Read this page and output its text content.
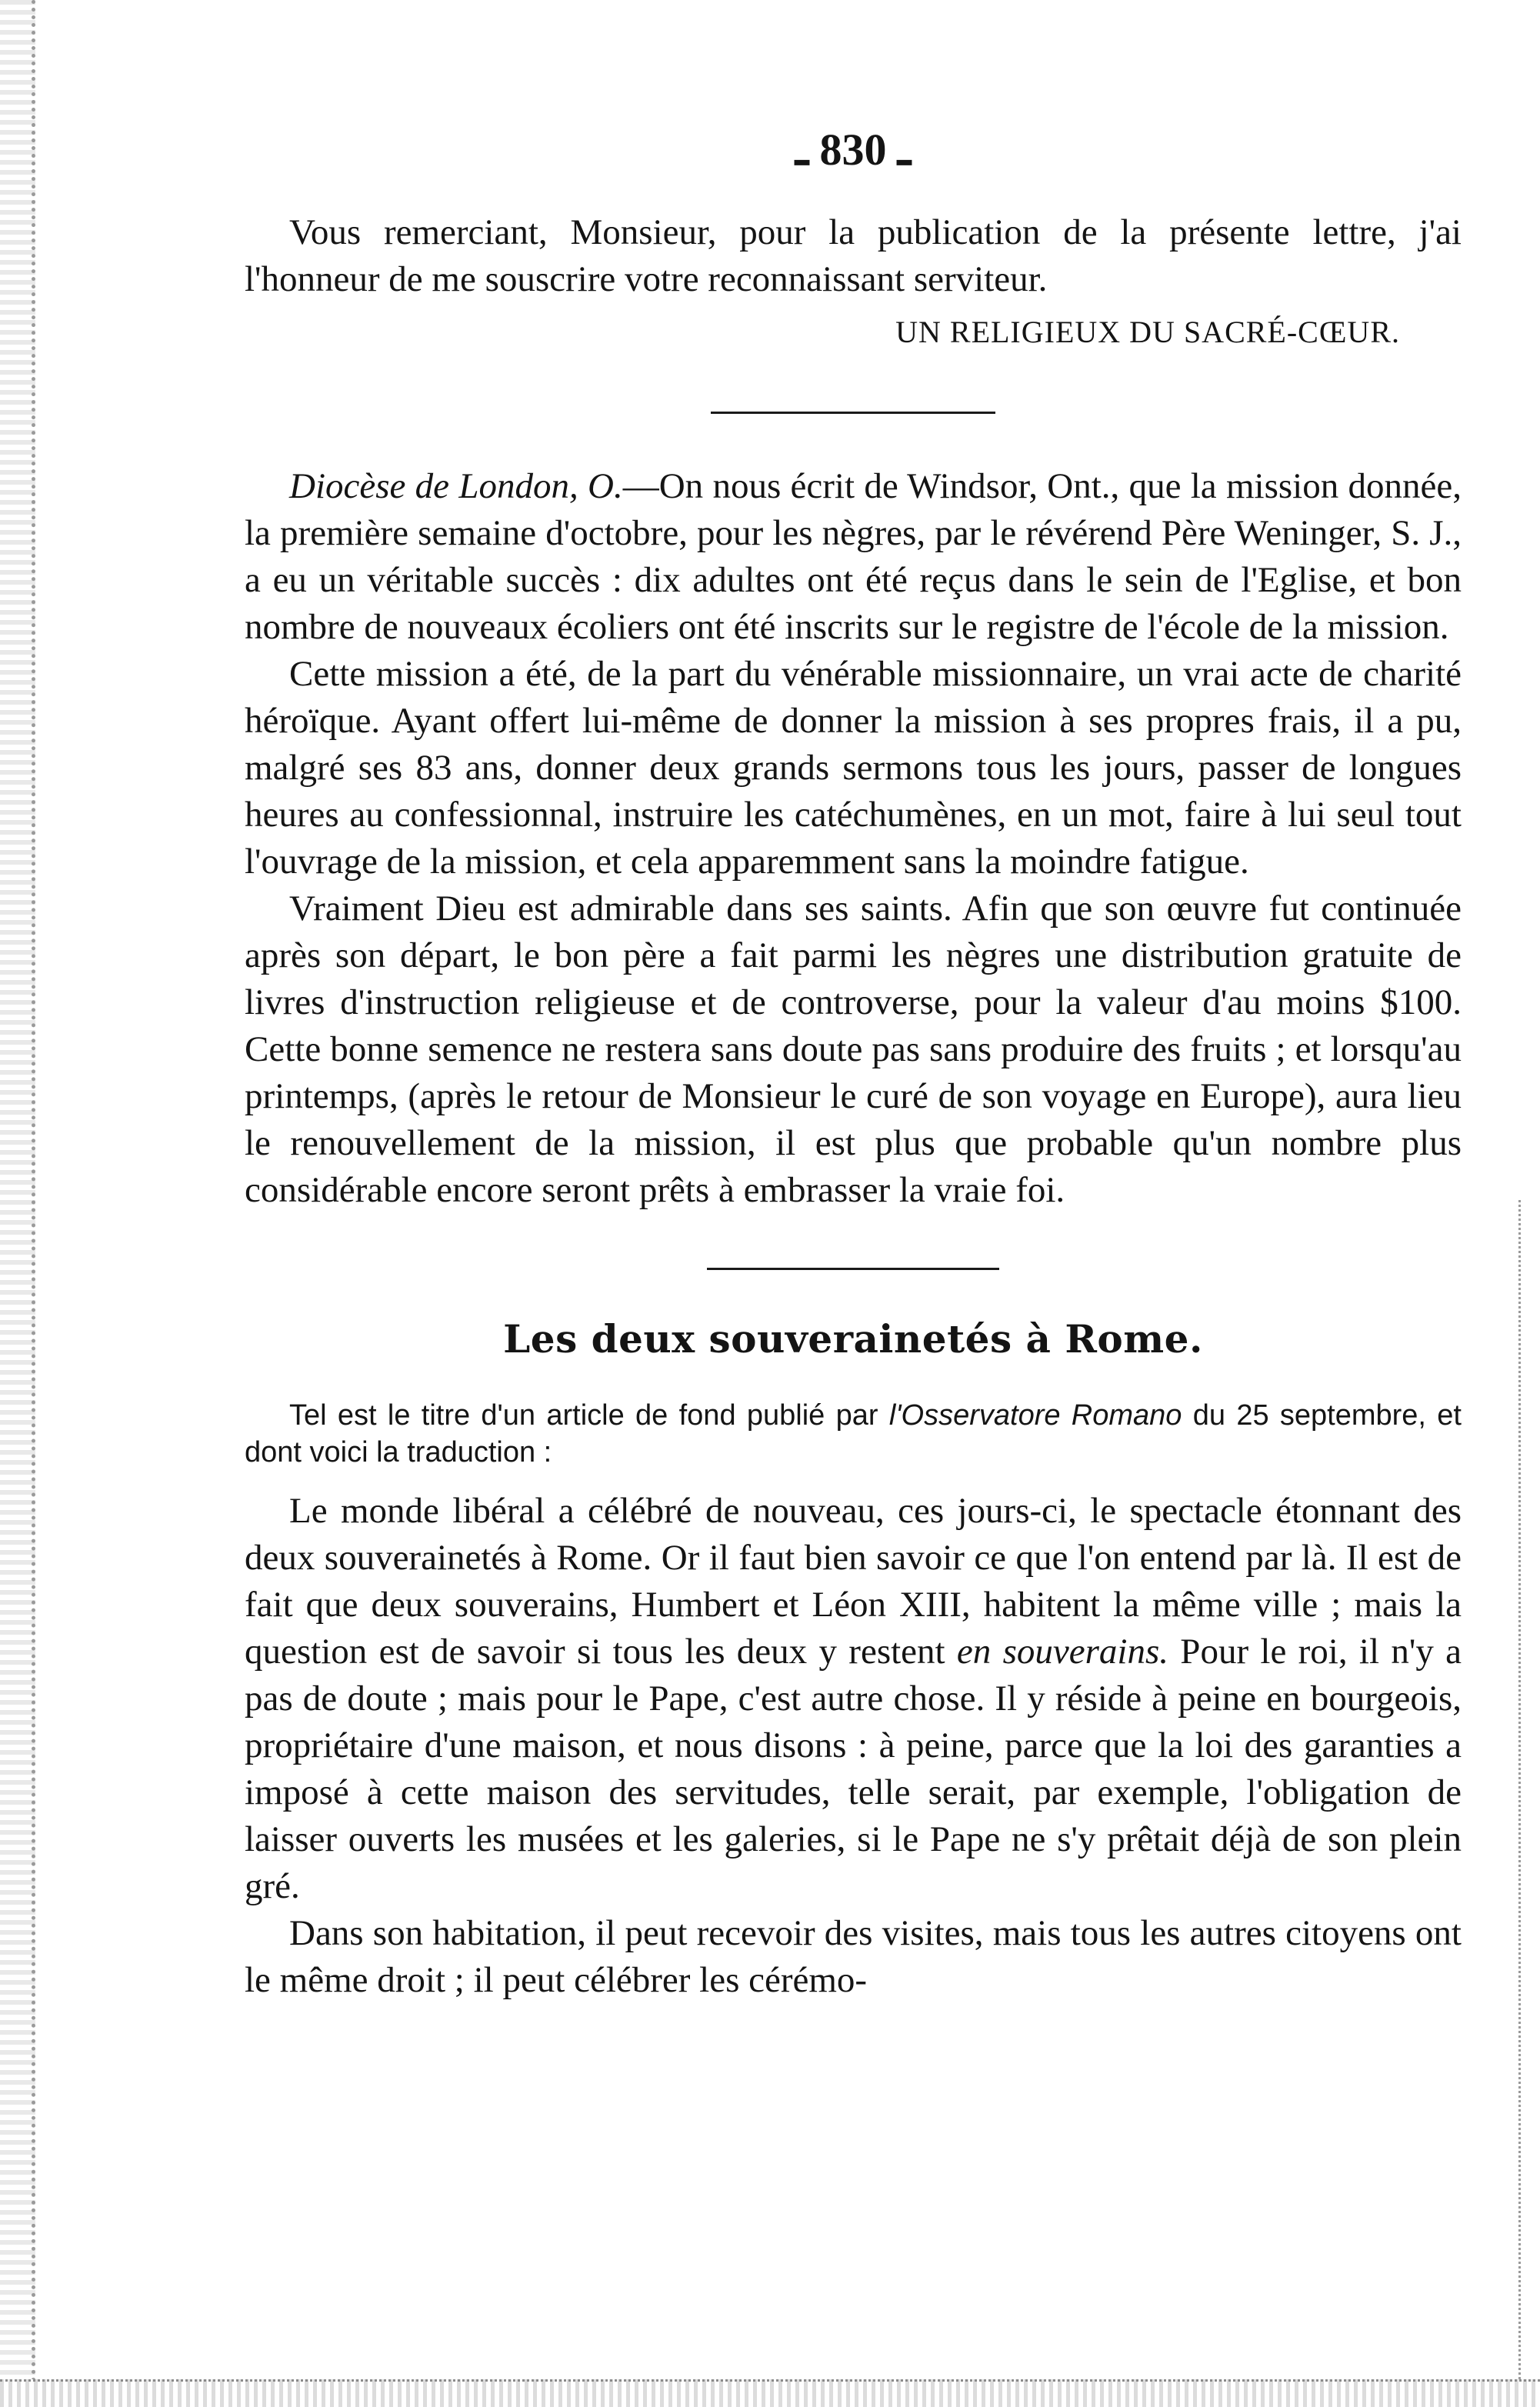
ـ 830 ـ

Vous remerciant, Monsieur, pour la publication de la présente lettre, j'ai l'honneur de me souscrire votre reconnaissant serviteur.

UN RELIGIEUX DU SACRÉ-CŒUR.

Diocèse de London, O.—On nous écrit de Windsor, Ont., que la mission donnée, la première semaine d'octobre, pour les nègres, par le révérend Père Weninger, S. J., a eu un véritable succès : dix adultes ont été reçus dans le sein de l'Eglise, et bon nombre de nouveaux écoliers ont été inscrits sur le registre de l'école de la mission.

Cette mission a été, de la part du vénérable missionnaire, un vrai acte de charité héroïque. Ayant offert lui-même de donner la mission à ses propres frais, il a pu, malgré ses 83 ans, donner deux grands sermons tous les jours, passer de longues heures au confessionnal, instruire les catéchumènes, en un mot, faire à lui seul tout l'ouvrage de la mission, et cela apparemment sans la moindre fatigue.

Vraiment Dieu est admirable dans ses saints. Afin que son œuvre fut continuée après son départ, le bon père a fait parmi les nègres une distribution gratuite de livres d'instruction religieuse et de controverse, pour la valeur d'au moins $100. Cette bonne semence ne restera sans doute pas sans produire des fruits ; et lorsqu'au printemps, (après le retour de Monsieur le curé de son voyage en Europe), aura lieu le renouvellement de la mission, il est plus que probable qu'un nombre plus considérable encore seront prêts à embrasser la vraie foi.

Les deux souverainetés à Rome.

Tel est le titre d'un article de fond publié par l'Osservatore Romano du 25 septembre, et dont voici la traduction :

Le monde libéral a célébré de nouveau, ces jours-ci, le spectacle étonnant des deux souverainetés à Rome. Or il faut bien savoir ce que l'on entend par là. Il est de fait que deux souverains, Humbert et Léon XIII, habitent la même ville ; mais la question est de savoir si tous les deux y restent en souverains. Pour le roi, il n'y a pas de doute ; mais pour le Pape, c'est autre chose. Il y réside à peine en bourgeois, propriétaire d'une maison, et nous disons : à peine, parce que la loi des garanties a imposé à cette maison des servitudes, telle serait, par exemple, l'obligation de laisser ouverts les musées et les galeries, si le Pape ne s'y prêtait déjà de son plein gré.

Dans son habitation, il peut recevoir des visites, mais tous les autres citoyens ont le même droit ; il peut célébrer les cérémo-
